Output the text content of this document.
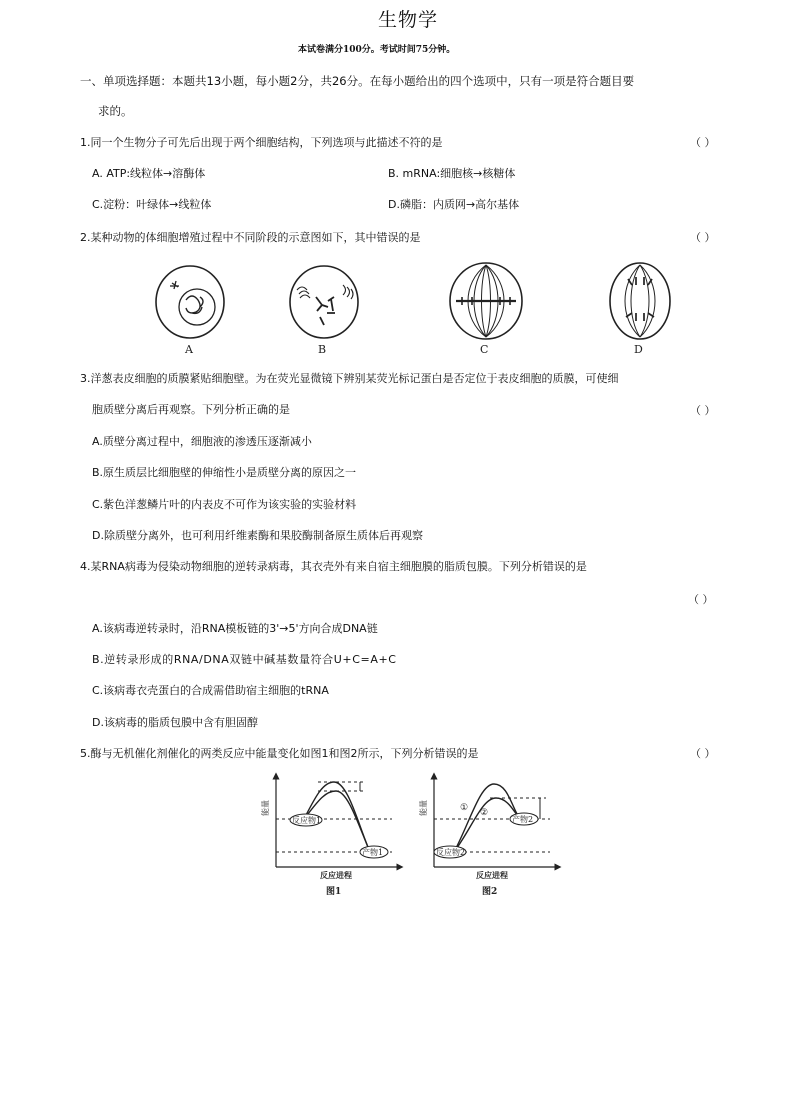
生物学
本试卷满分100分。考试时间75分钟。
一、单项选择题：本题共13小题，每小题2分，共26分。在每小题给出的四个选项中，只有一项是符合题目要
求的。
1.同一个生物分子可先后出现于两个细胞结构，下列选项与此描述不符的是	（ ）
A. ATP:线粒体→溶酶体	B. mRNA:细胞核→核糖体
C.淀粉：叶绿体→线粒体	D.磷脂：内质网→高尔基体
2.某种动物的体细胞增殖过程中不同阶段的示意图如下，其中错误的是	（ ）
A	B	C	D
3.洋葱表皮细胞的质膜紧贴细胞壁。为在荧光显微镜下辨别某荧光标记蛋白是否定位于表皮细胞的质膜，可使细
胞质壁分离后再观察。下列分析正确的是	（ ）
A.质壁分离过程中，细胞液的渗透压逐渐减小
B.原生质层比细胞壁的伸缩性小是质壁分离的原因之一
C.紫色洋葱鳞片叶的内表皮不可作为该实验的实验材料
D.除质壁分离外，也可利用纤维素酶和果胶酶制备原生质体后再观察
4.某RNA病毒为侵染动物细胞的逆转录病毒，其衣壳外有来自宿主细胞膜的脂质包膜。下列分析错误的是
（ ）
A.该病毒逆转录时，沿RNA模板链的3'→5'方向合成DNA链
B.逆转录形成的RNA/DNA双链中碱基数量符合U+C=A+C
C.该病毒衣壳蛋白的合成需借助宿主细胞的tRNA
D.该病毒的脂质包膜中含有胆固醇
5.酶与无机催化剂催化的两类反应中能量变化如图1和图2所示，下列分析错误的是	（ ）
反应物1
产物1
能量
反应进程
图1
① ②
产物2
反应物2
能量
反应进程
图2
